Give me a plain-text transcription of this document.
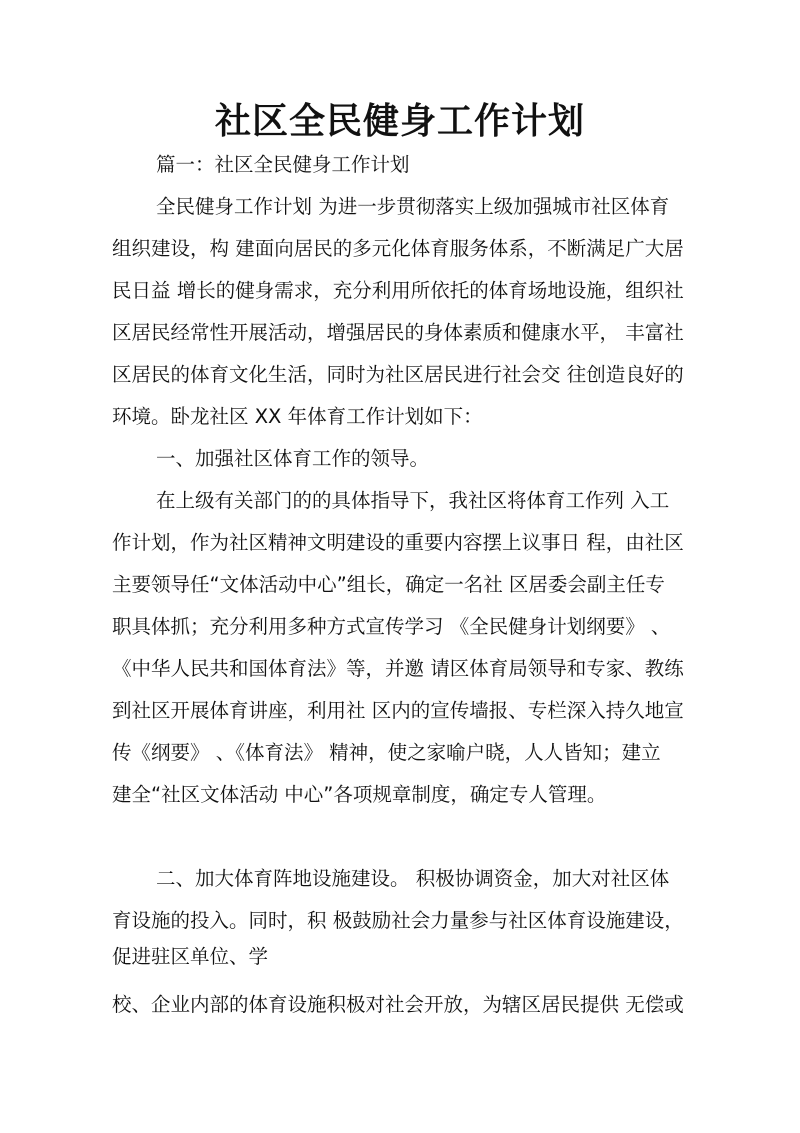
社区全民健身工作计划

篇一：社区全民健身工作计划

全民健身工作计划 为进一步贯彻落实上级加强城市社区体育

组织建设，构 建面向居民的多元化体育服务体系，不断满足广大居

民日益 增长的健身需求，充分利用所依托的体育场地设施，组织社

区居民经常性开展活动，增强居民的身体素质和健康水平， 丰富社

区居民的体育文化生活，同时为社区居民进行社会交 往创造良好的

环境。卧龙社区 XX 年体育工作计划如下：

一、加强社区体育工作的领导。

在上级有关部门的的具体指导下，我社区将体育工作列 入工

作计划，作为社区精神文明建设的重要内容摆上议事日 程，由社区

主要领导任“文体活动中心”组长，确定一名社 区居委会副主任专

职具体抓；充分利用多种方式宣传学习 《全民健身计划纲要》 、

《中华人民共和国体育法》等，并邀 请区体育局领导和专家、教练

到社区开展体育讲座，利用社 区内的宣传墙报、专栏深入持久地宣

传《纲要》 、《体育法》 精神，使之家喻户晓，人人皆知；建立

建全“社区文体活动 中心”各项规章制度，确定专人管理。

二、加大体育阵地设施建设。 积极协调资金，加大对社区体

育设施的投入。同时，积 极鼓励社会力量参与社区体育设施建设，

促进驻区单位、学

校、企业内部的体育设施积极对社会开放，为辖区居民提供 无偿或
